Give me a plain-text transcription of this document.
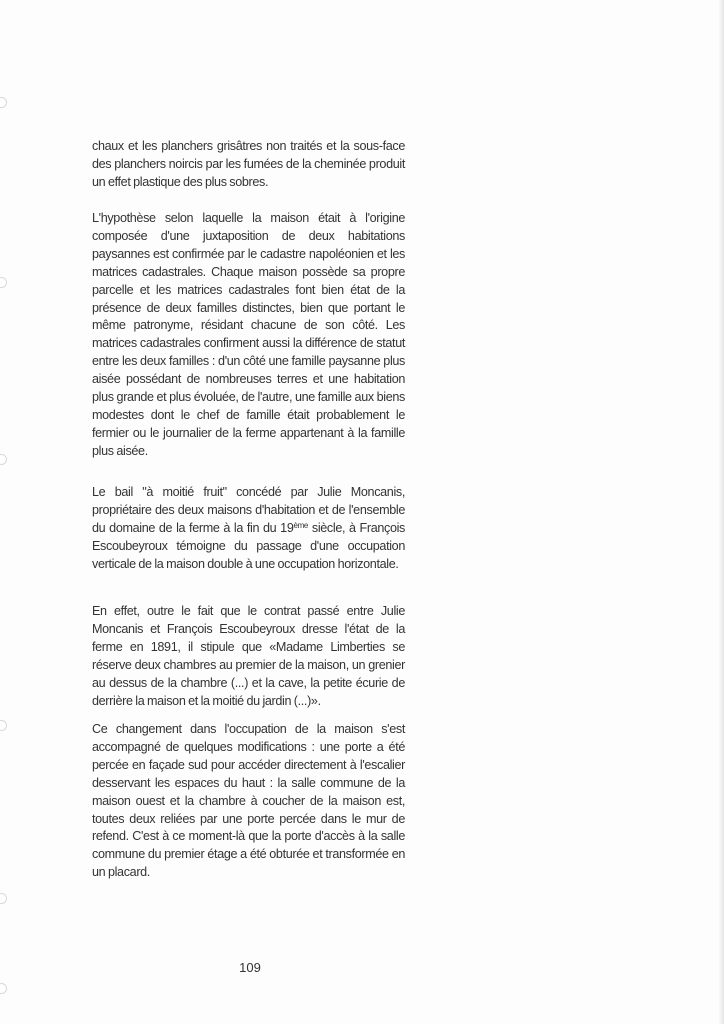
chaux et les planchers grisâtres non traités et la sous-face des planchers noircis par les fumées de la cheminée produit un effet plastique des plus sobres.

L'hypothèse selon laquelle la maison était à l'origine composée d'une juxtaposition de deux habitations paysannes est confirmée par le cadastre napoléonien et les matrices cadastrales. Chaque maison possède sa propre parcelle et les matrices cadastrales font bien état de la présence de deux familles distinctes, bien que portant le même patronyme, résidant chacune de son côté. Les matrices cadastrales confirment aussi la différence de statut entre les deux familles : d'un côté une famille paysanne plus aisée possédant de nombreuses terres et une habitation plus grande et plus évoluée, de l'autre, une famille aux biens modestes dont le chef de famille était probablement le fermier ou le journalier de la ferme appartenant à la famille plus aisée.

Le bail "à moitié fruit" concédé par Julie Moncanis, propriétaire des deux maisons d'habitation et de l'ensemble du domaine de la ferme à la fin du 19ème siècle, à François Escoubeyroux témoigne du passage d'une occupation verticale de la maison double à une occupation horizontale.

En effet, outre le fait que le contrat passé entre Julie Moncanis et François Escoubeyroux dresse l'état de la ferme en 1891, il stipule que «Madame Limberties se réserve deux chambres au premier de la maison, un grenier au dessus de la chambre (...) et la cave, la petite écurie de derrière la maison et la moitié du jardin (...)».

Ce changement dans l'occupation de la maison s'est accompagné de quelques modifications : une porte a été percée en façade sud pour accéder directement à l'escalier desservant les espaces du haut : la salle commune de la maison ouest et la chambre à coucher de la maison est, toutes deux reliées par une porte percée dans le mur de refend. C'est à ce moment-là que la porte d'accès à la salle commune du premier étage a été obturée et transformée en un placard.

109
